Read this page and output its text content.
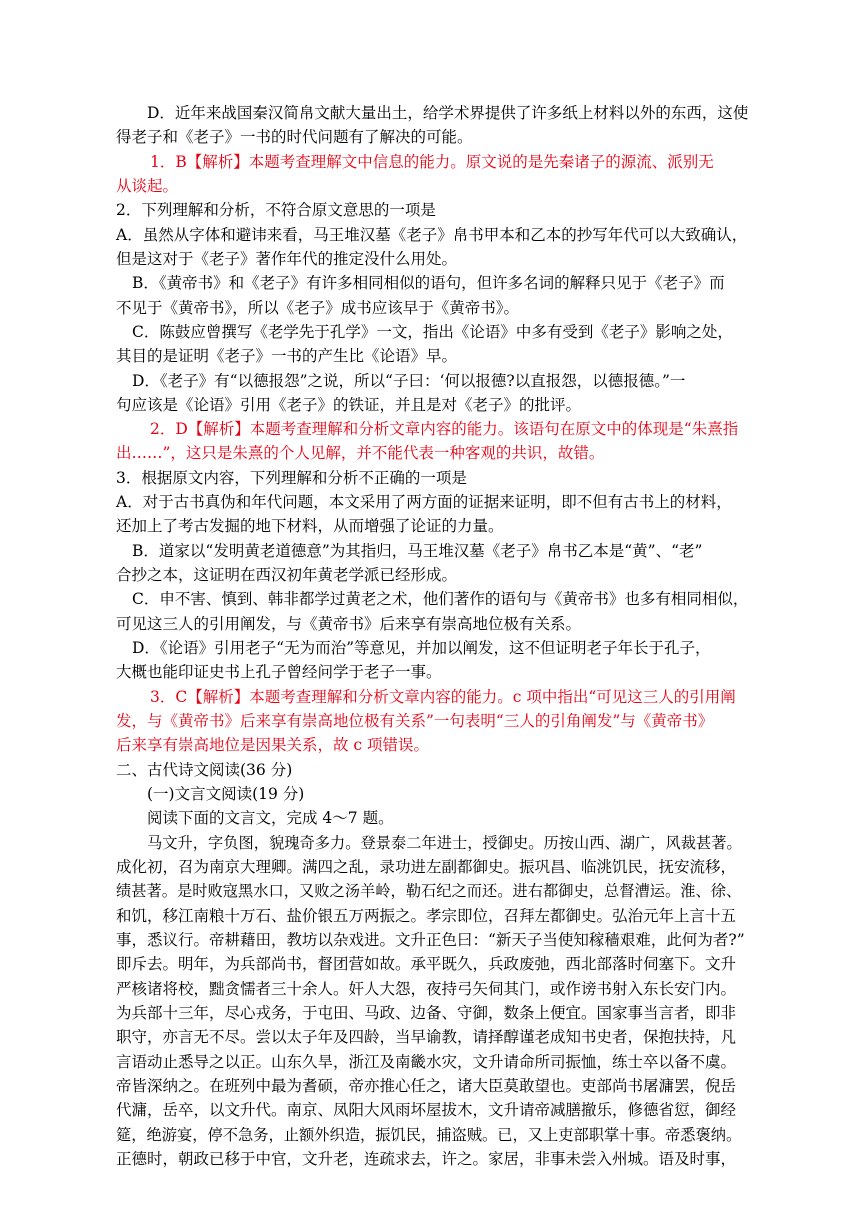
D．近年来战国秦汉简帛文献大量出土，给学术界提供了许多纸上材料以外的东西，这使

得老子和《老子》一书的时代问题有了解决的可能。

1．B【解析】本题考查理解文中信息的能力。原文说的是先秦诸子的源流、派别无

从谈起。

2．下列理解和分析，不符合原文意思的一项是

A．虽然从字体和避讳来看，马王堆汉墓《老子》帛书甲本和乙本的抄写年代可以大致确认，

但是这对于《老子》著作年代的推定没什么用处。

B．《黄帝书》和《老子》有许多相同相似的语句，但许多名词的解释只见于《老子》而

不见于《黄帝书》，所以《老子》成书应该早于《黄帝书》。

C．陈鼓应曾撰写《老学先于孔学》一文，指出《论语》中多有受到《老子》影响之处，

其目的是证明《老子》一书的产生比《论语》早。

D．《老子》有“以德报怨”之说，所以“子曰：‘何以报德?以直报怨，以德报德。”一

句应该是《论语》引用《老子》的铁证，并且是对《老子》的批评。

2．D【解析】本题考查理解和分析文章内容的能力。该语句在原文中的体现是“朱熹指

出……”，这只是朱熹的个人见解，并不能代表一种客观的共识，故错。

3．根据原文内容，下列理解和分析不正确的一项是

A．对于古书真伪和年代问题，本文采用了两方面的证据来证明，即不但有古书上的材料，

还加上了考古发掘的地下材料，从而增强了论证的力量。

B．道家以“发明黄老道德意”为其指归，马王堆汉墓《老子》帛书乙本是“黄”、“老”

合抄之本，这证明在西汉初年黄老学派已经形成。

C．申不害、慎到、韩非都学过黄老之术，他们著作的语句与《黄帝书》也多有相同相似，

可见这三人的引用阐发，与《黄帝书》后来享有崇高地位极有关系。

D．《论语》引用老子“无为而治”等意见，并加以阐发，这不但证明老子年长于孔子，

大概也能印证史书上孔子曾经问学于老子一事。

3．C【解析】本题考查理解和分析文章内容的能力。c 项中指出“可见这三人的引用阐

发，与《黄帝书》后来享有崇高地位极有关系”一句表明“三人的引角阐发”与《黄帝书》

后来享有崇高地位是因果关系，故 c 项错误。

二、古代诗文阅读(36 分)

(一)文言文阅读(19 分)

阅读下面的文言文，完成 4～7 题。

马文升，字负图，貌瑰奇多力。登景泰二年进士，授御史。历按山西、湖广，风裁甚著。

成化初，召为南京大理卿。满四之乱，录功进左副都御史。振巩昌、临洮饥民，抚安流移，

绩甚著。是时败寇黑水口，又败之汤羊岭，勒石纪之而还。进右都御史，总督漕运。淮、徐、

和饥，移江南粮十万石、盐价银五万两振之。孝宗即位，召拜左都御史。弘治元年上言十五

事，悉议行。帝耕藉田，教坊以杂戏进。文升正色曰：“新天子当使知稼穑艰难，此何为者?”

即斥去。明年，为兵部尚书，督团营如故。承平既久，兵政废弛，西北部落时伺塞下。文升

严核诸将校，黜贪懦者三十余人。奸人大怨，夜持弓矢伺其门，或作谤书射入东长安门内。

为兵部十三年，尽心戎务，于屯田、马政、边备、守御，数条上便宜。国家事当言者，即非

职守，亦言无不尽。尝以太子年及四龄，当早谕教，请择醇谨老成知书史者，保抱扶持，凡

言语动止悉导之以正。山东久旱，浙江及南畿水灾，文升请命所司振恤，练士卒以备不虞。

帝皆深纳之。在班列中最为耆硕，帝亦推心任之，诸大臣莫敢望也。吏部尚书屠滽罢，倪岳

代滽，岳卒，以文升代。南京、凤阳大风雨坏屋拔木，文升请帝减膳撤乐，修德省愆，御经

筵，绝游宴，停不急务，止额外织造，振饥民，捕盗贼。已，又上吏部职掌十事。帝悉褒纳。

正德时，朝政已移于中官，文升老，连疏求去，许之。家居，非事未尝入州城。语及时事，
